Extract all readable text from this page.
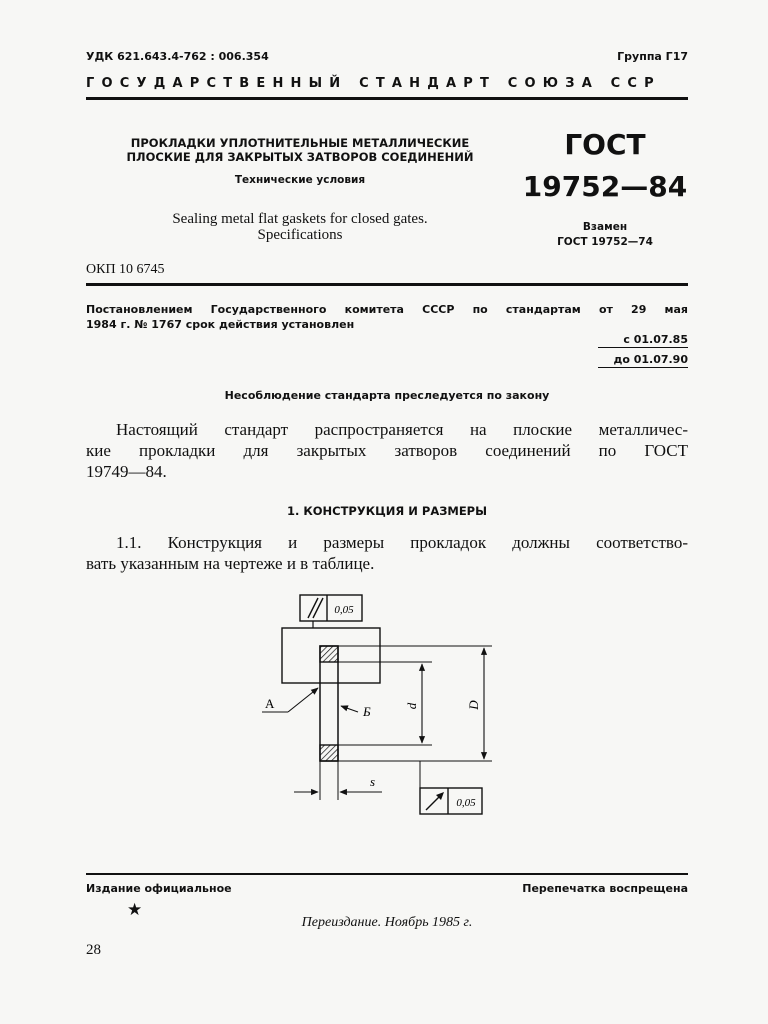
УДК 621.643.4-762 : 006.354	Группа Г17
ГОСУДАРСТВЕННЫЙ СТАНДАРТ СОЮЗА ССР
ПРОКЛАДКИ УПЛОТНИТЕЛЬНЫЕ МЕТАЛЛИЧЕСКИЕ
ПЛОСКИЕ ДЛЯ ЗАКРЫТЫХ ЗАТВОРОВ СОЕДИНЕНИЙ
Технические условия
Sealing metal flat gaskets for closed gates.
Specifications
ГОСТ
19752—84
Взамен
ГОСТ 19752—74
ОКП 10 6745
Постановлением Государственного комитета СССР по стандартам от 29 мая
1984 г. № 1767 срок действия установлен
с 01.07.85
до 01.07.90
Несоблюдение стандарта преследуется по закону
Настоящий стандарт распространяется на плоские металличес-
кие прокладки для закрытых затворов соединений по ГОСТ
19749—84.
1. КОНСТРУКЦИЯ И РАЗМЕРЫ
1.1. Конструкция и размеры прокладок должны соответство-
вать указанным на чертеже и в таблице.
0,05
d	D
А
Б
s
0,05
Издание официальное	Перепечатка воспрещена
★
Переиздание. Ноябрь 1985 г.
28
